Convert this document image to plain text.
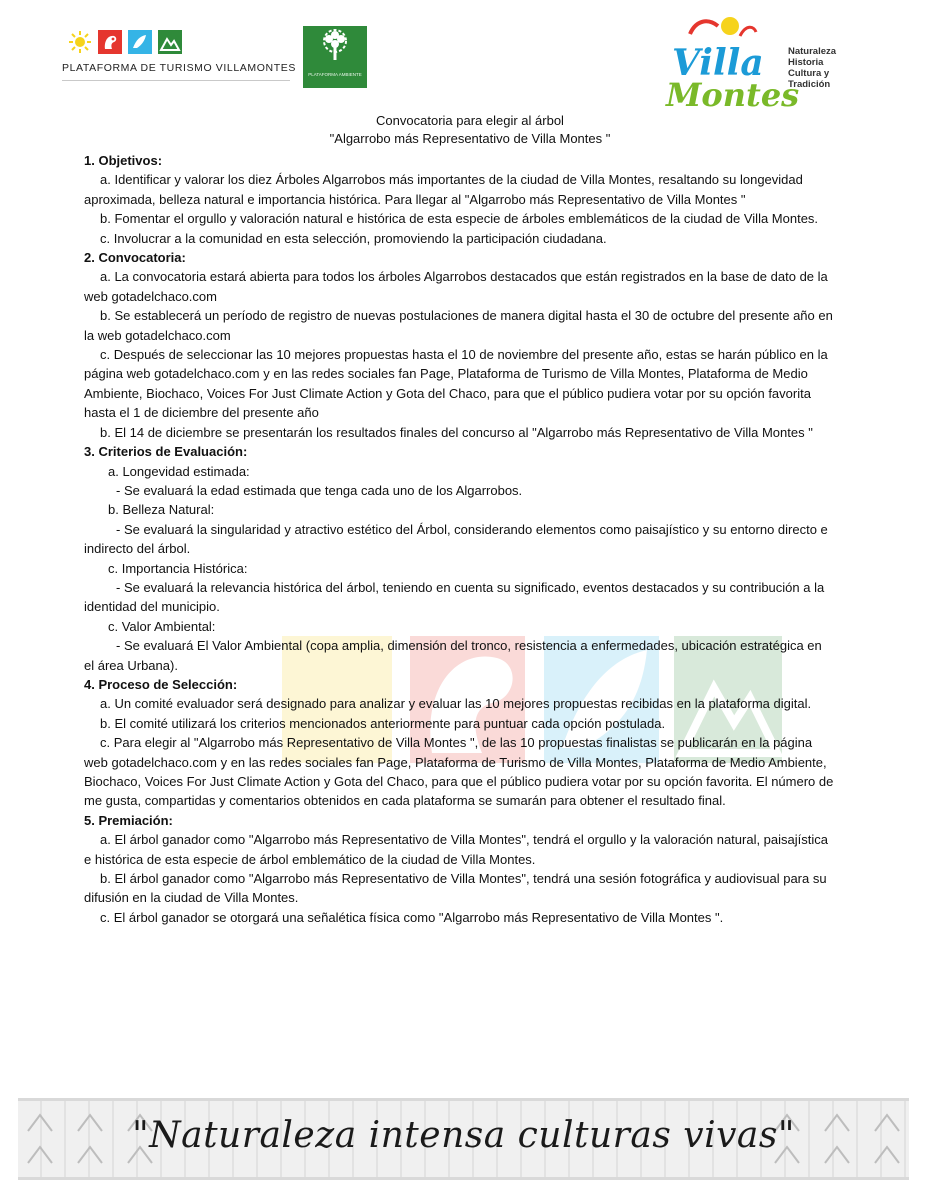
PLATAFORMA DE TURISMO VILLAMONTES
PLATAFORMA AMBIENTE	Villa
Montes
Naturaleza
Historia
Cultura y
Tradición
Convocatoria para elegir al árbol
"Algarrobo más Representativo de Villa Montes "

1. Objetivos:

a. Identificar y valorar los diez Árboles Algarrobos más importantes de la ciudad de Villa Montes, resaltando su longevidad aproximada, belleza natural e importancia histórica. Para llegar al "Algarrobo más Representativo de Villa Montes "

b. Fomentar el orgullo y valoración natural e histórica de esta especie de árboles emblemáticos de la ciudad de Villa Montes.

c. Involucrar a la comunidad en esta selección, promoviendo la participación ciudadana.

2. Convocatoria:

a. La convocatoria estará abierta para todos los árboles Algarrobos destacados que están registrados en la base de dato de la web gotadelchaco.com

b. Se establecerá un período de registro de nuevas postulaciones de manera digital hasta el 30 de octubre del presente año en la web gotadelchaco.com

c. Después de seleccionar las 10 mejores propuestas hasta el 10 de noviembre del presente año, estas se harán público en la página web gotadelchaco.com y en las redes sociales fan Page, Plataforma de Turismo de Villa Montes, Plataforma de Medio Ambiente, Biochaco, Voices For Just Climate Action y Gota del Chaco, para que el público pudiera votar por su opción favorita hasta el 1 de diciembre del presente año

b. El 14 de diciembre se presentarán los resultados finales del concurso al "Algarrobo más Representativo de Villa Montes "

3. Criterios de Evaluación:

a. Longevidad estimada:

- Se evaluará la edad estimada que tenga cada uno de los Algarrobos.

b. Belleza Natural:

- Se evaluará la singularidad y atractivo estético del Árbol, considerando elementos como paisajístico y su entorno directo e indirecto del árbol.

c. Importancia Histórica:

- Se evaluará la relevancia histórica del árbol, teniendo en cuenta su significado, eventos destacados y su contribución a la identidad del municipio.

c. Valor Ambiental:

- Se evaluará El Valor Ambiental (copa amplia, dimensión del tronco, resistencia a enfermedades, ubicación estratégica en el área Urbana).

4. Proceso de Selección:

a. Un comité evaluador será designado para analizar y evaluar las 10 mejores propuestas recibidas en la plataforma digital.

b. El comité utilizará los criterios mencionados anteriormente para puntuar cada opción postulada.

c. Para elegir al "Algarrobo más Representativo de Villa Montes ", de las 10 propuestas finalistas se publicarán en la página web gotadelchaco.com y en las redes sociales fan Page, Plataforma de Turismo de Villa Montes, Plataforma de Medio Ambiente, Biochaco, Voices For Just Climate Action y Gota del Chaco, para que el público pudiera votar por su opción favorita. El número de me gusta, compartidas y comentarios obtenidos en cada plataforma se sumarán para obtener el resultado final.

5. Premiación:

a. El árbol ganador como "Algarrobo más Representativo de Villa Montes", tendrá el orgullo y la valoración natural, paisajística e histórica de esta especie de árbol emblemático de la ciudad de Villa Montes.

b. El árbol ganador como "Algarrobo más Representativo de Villa Montes", tendrá una sesión fotográfica y audiovisual para su difusión en la ciudad de Villa Montes.

c. El árbol ganador se otorgará una señalética física como "Algarrobo más Representativo de Villa Montes ".

"Naturaleza intensa culturas vivas"
